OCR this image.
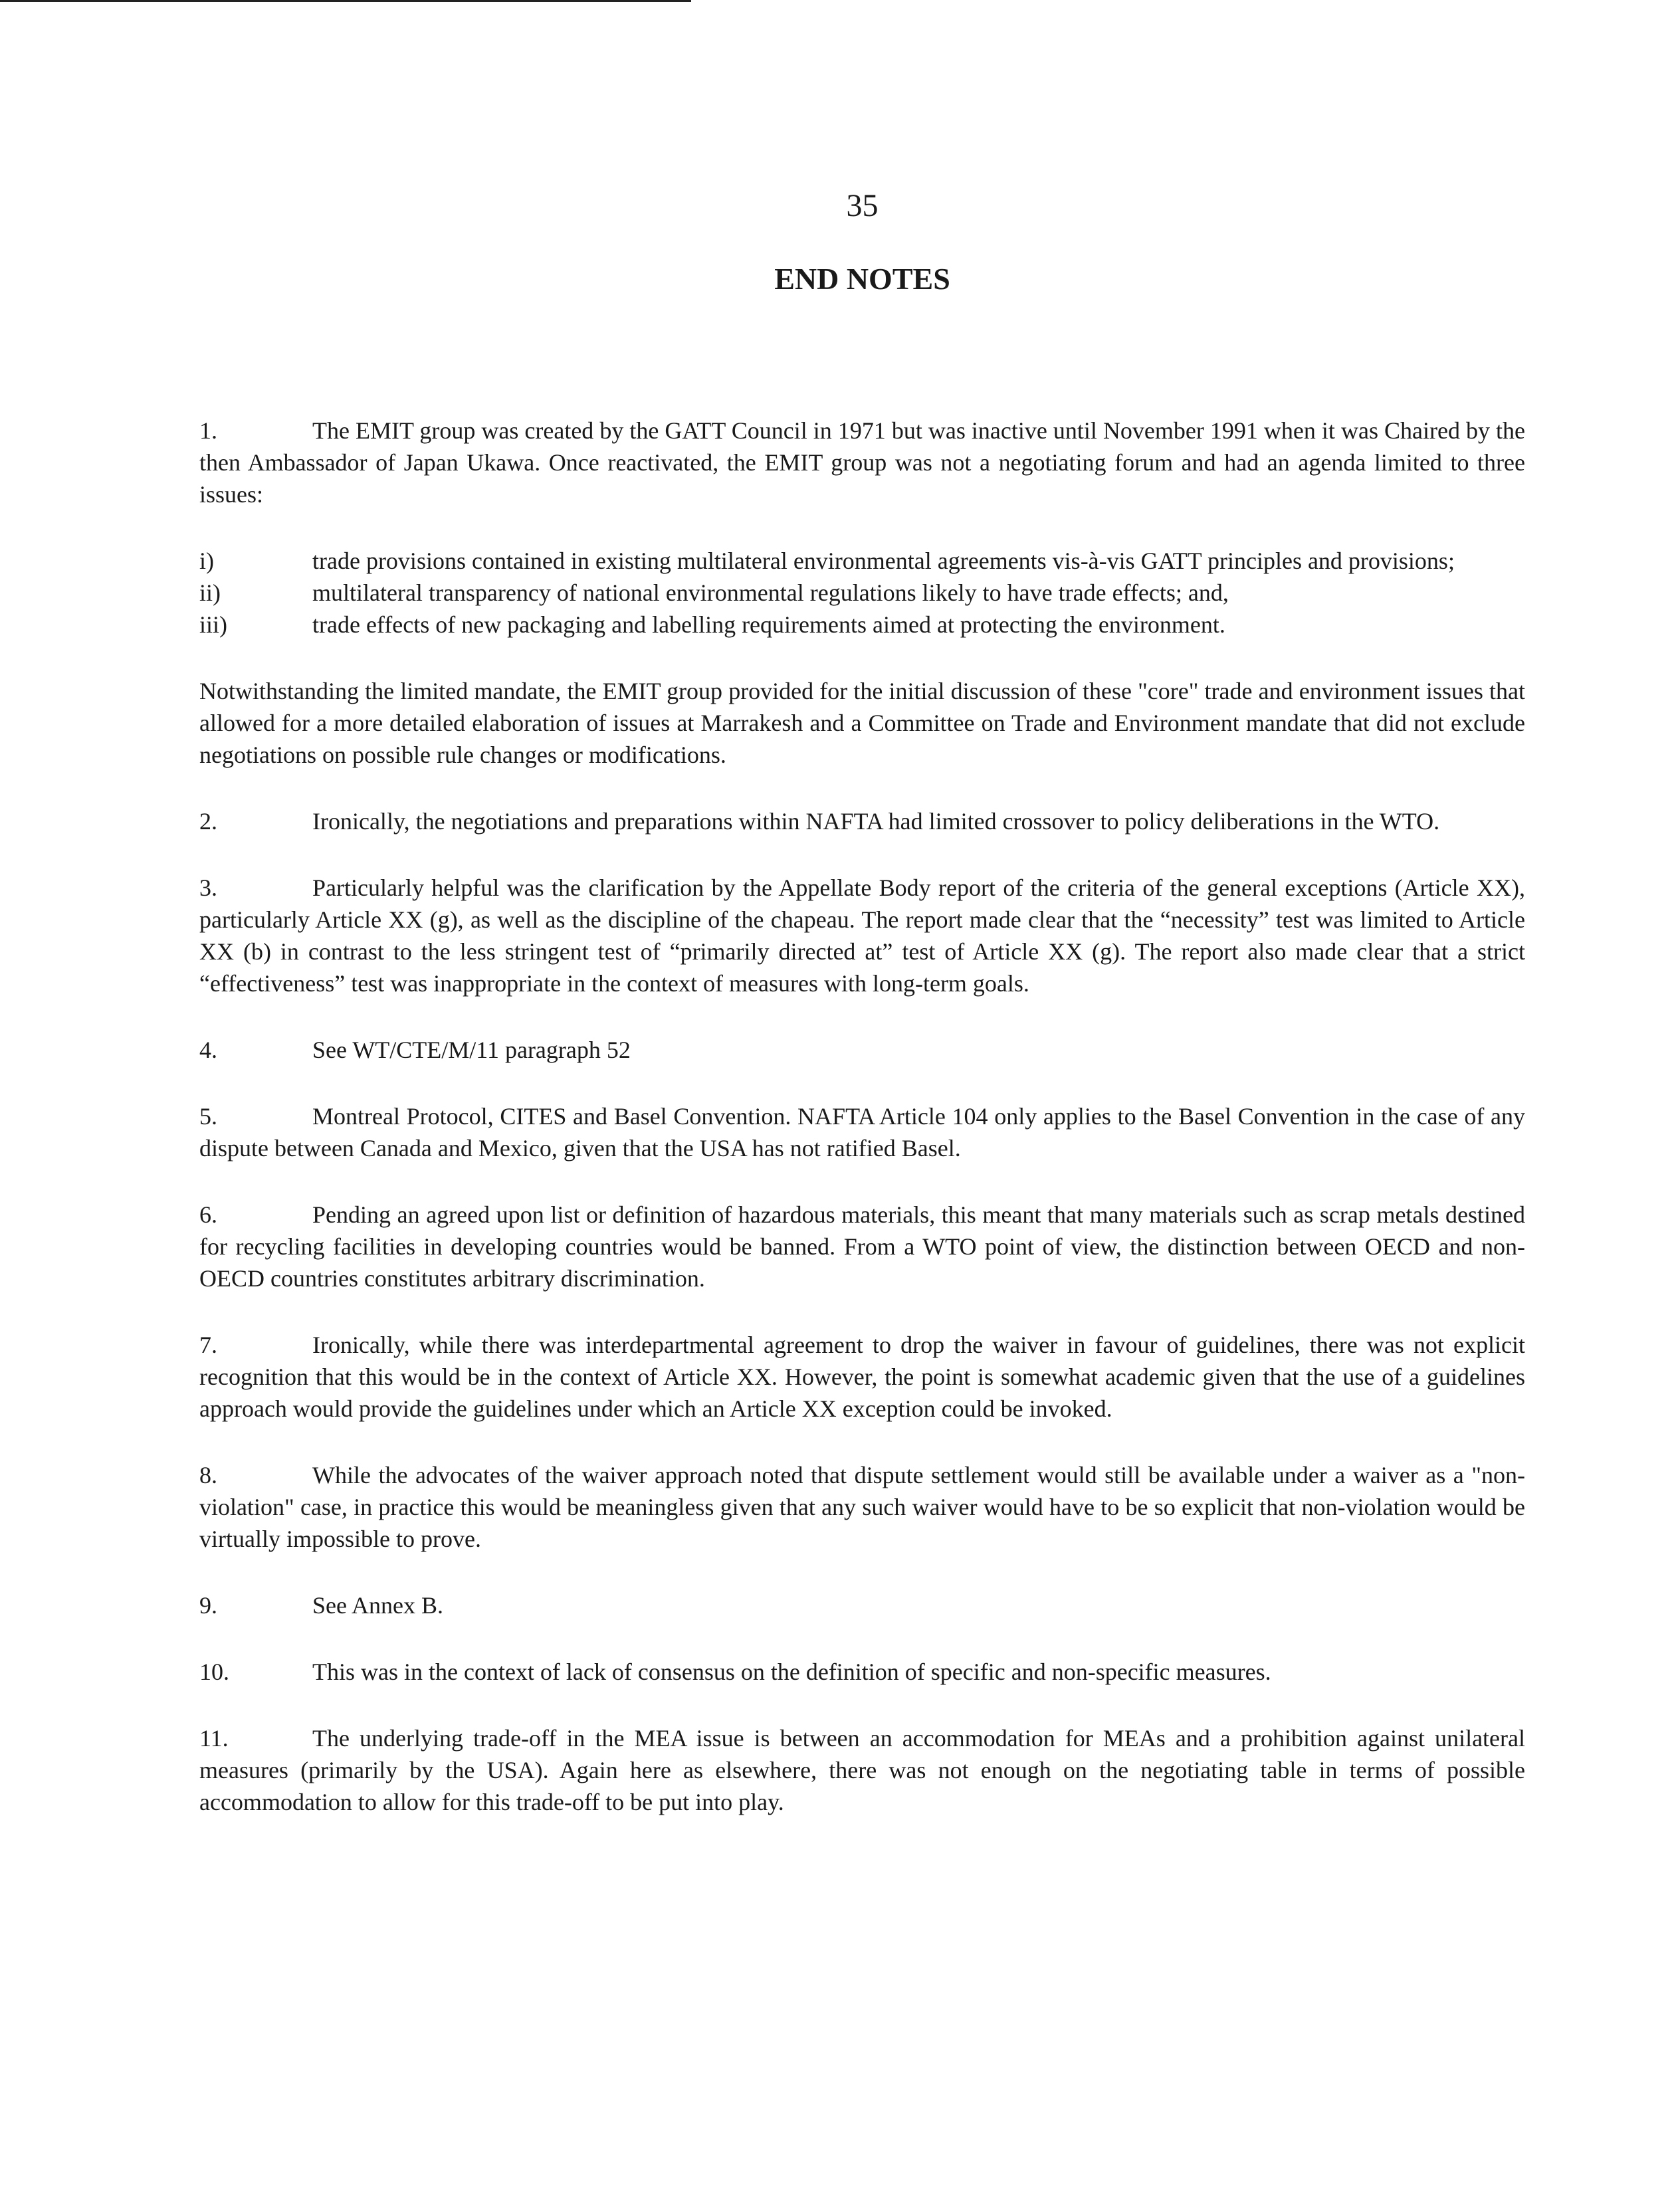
35
END NOTES
1.	The EMIT group was created by the GATT Council in 1971 but was inactive until November 1991 when it was Chaired by the then Ambassador of Japan Ukawa. Once reactivated, the EMIT group was not a negotiating forum and had an agenda limited to three issues:
i)	trade provisions contained in existing multilateral environmental agreements vis-à-vis GATT principles and provisions;
ii)	multilateral transparency of national environmental regulations likely to have trade effects; and,
iii)	trade effects of new packaging and labelling requirements aimed at protecting the environment.
Notwithstanding the limited mandate, the EMIT group provided for the initial discussion of these "core" trade and environment issues that allowed for a more detailed elaboration of issues at Marrakesh and a Committee on Trade and Environment mandate that did not exclude negotiations on possible rule changes or modifications.
2.	Ironically, the negotiations and preparations within NAFTA had limited crossover to policy deliberations in the WTO.
3.	Particularly helpful was the clarification by the Appellate Body report of the criteria of the general exceptions (Article XX), particularly Article XX (g), as well as the discipline of the chapeau. The report made clear that the “necessity” test was limited to Article XX (b) in contrast to the less stringent test of “primarily directed at” test of Article XX (g). The report also made clear that a strict “effectiveness” test was inappropriate in the context of measures with long-term goals.
4.	See WT/CTE/M/11 paragraph 52
5.	Montreal Protocol, CITES and Basel Convention. NAFTA Article 104 only applies to the Basel Convention in the case of any dispute between Canada and Mexico, given that the USA has not ratified Basel.
6.	Pending an agreed upon list or definition of hazardous materials, this meant that many materials such as scrap metals destined for recycling facilities in developing countries would be banned. From a WTO point of view, the distinction between OECD and non-OECD countries constitutes arbitrary discrimination.
7.	Ironically, while there was interdepartmental agreement to drop the waiver in favour of guidelines, there was not explicit recognition that this would be in the context of Article XX. However, the point is somewhat academic given that the use of a guidelines approach would provide the guidelines under which an Article XX exception could be invoked.
8.	While the advocates of the waiver approach noted that dispute settlement would still be available under a waiver as a "non-violation" case, in practice this would be meaningless given that any such waiver would have to be so explicit that non-violation would be virtually impossible to prove.
9.	See Annex B.
10.	This was in the context of lack of consensus on the definition of specific and non-specific measures.
11.	The underlying trade-off in the MEA issue is between an accommodation for MEAs and a prohibition against unilateral measures (primarily by the USA). Again here as elsewhere, there was not enough on the negotiating table in terms of possible accommodation to allow for this trade-off to be put into play.
